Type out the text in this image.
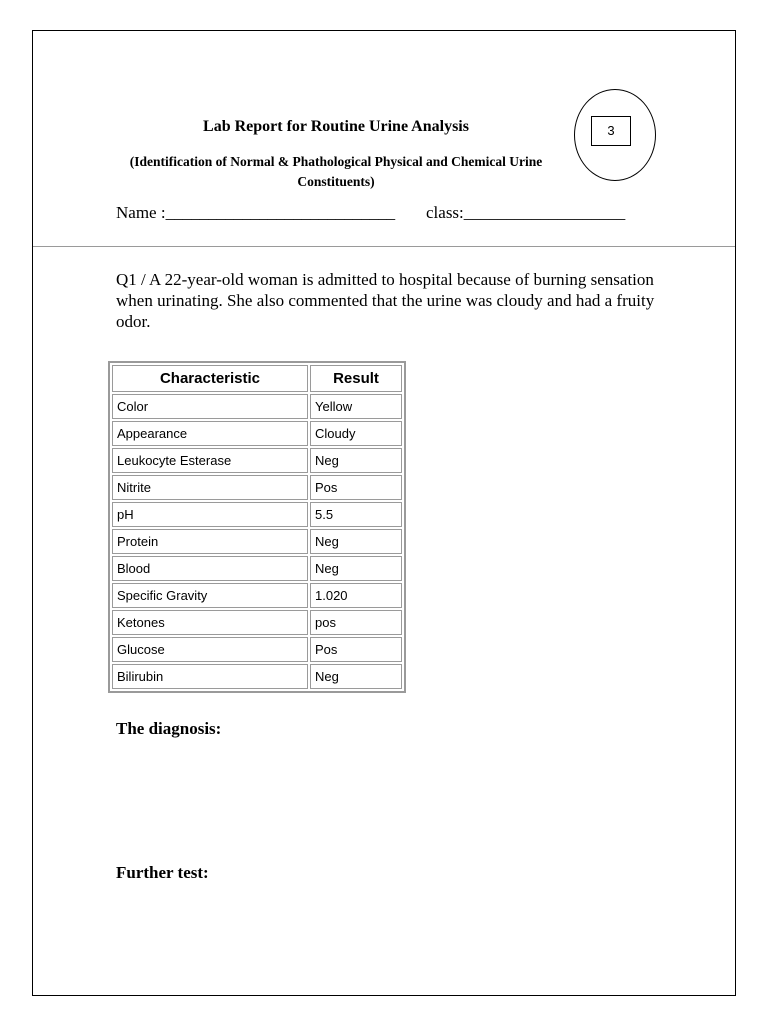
Lab Report for Routine Urine Analysis
(Identification of Normal & Phathological Physical and Chemical Urine Constituents)
3
Name :___________________________ class:___________________
Q1 / A 22-year-old woman is admitted to hospital because of burning sensation when urinating. She also commented that the urine was cloudy and had a fruity odor.
Characteristic	Result
Color	Yellow
Appearance	Cloudy
Leukocyte Esterase	Neg
Nitrite	Pos
pH	5.5
Protein	Neg
Blood	Neg
Specific Gravity	1.020
Ketones	pos
Glucose	Pos
Bilirubin	Neg
The diagnosis:
Further test:
